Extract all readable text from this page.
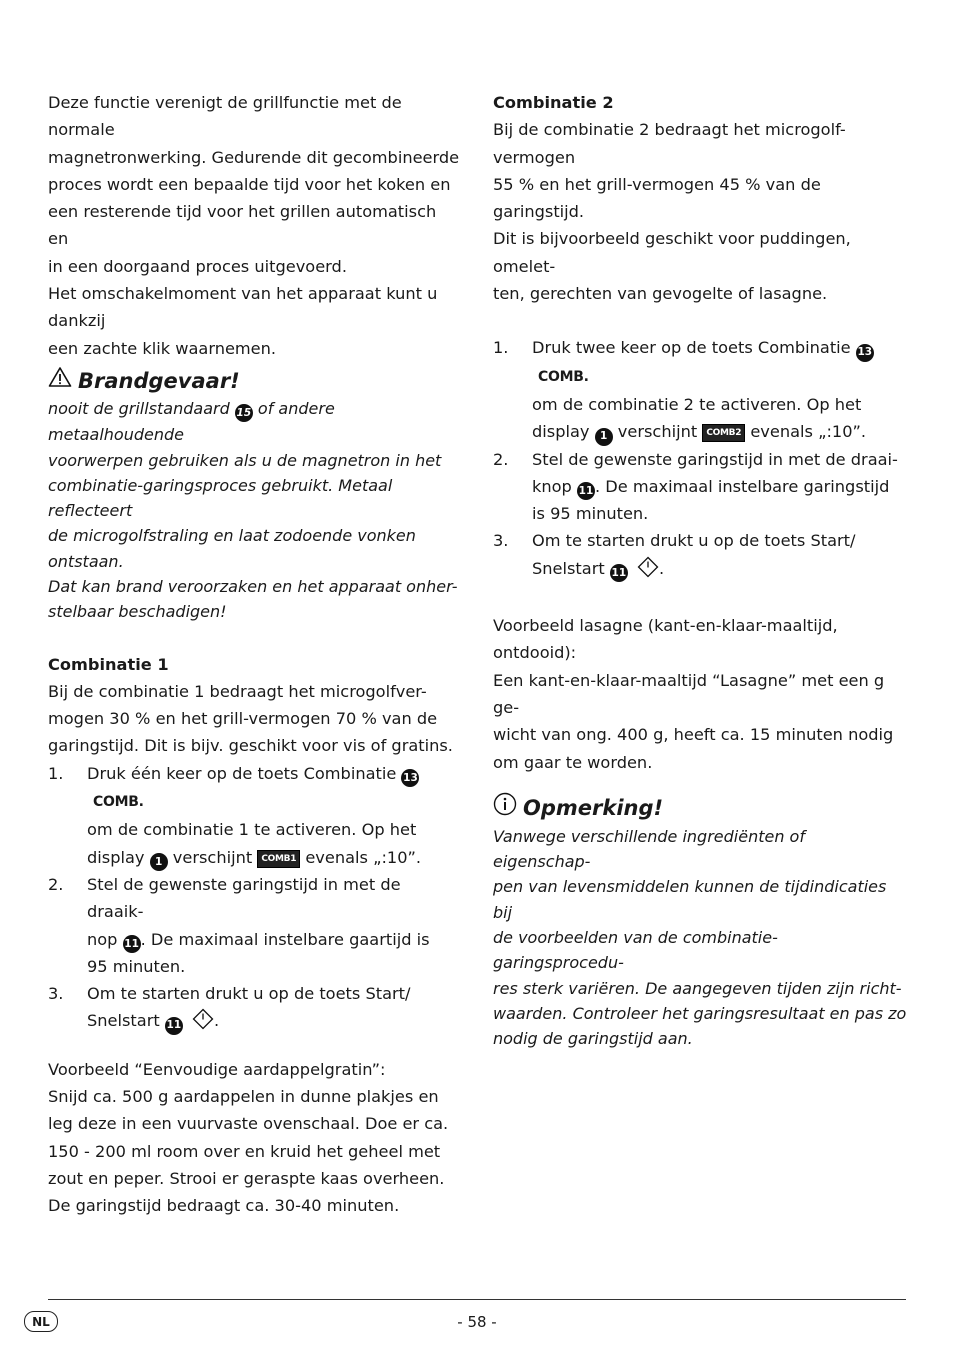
Deze functie verenigt de grillfunctie met de normale
magnetronwerking. Gedurende dit gecombineerde
proces wordt een bepaalde tijd voor het koken en
een resterende tijd voor het grillen automatisch en
in een doorgaand proces uitgevoerd.
Het omschakelmoment van het apparaat kunt u dankzij
een zachte klik waarnemen.

Brandgevaar!

nooit de grillstandaard 15 of andere metaalhoudende
voorwerpen gebruiken als u de magnetron in het
combinatie-garingsproces gebruikt. Metaal reflecteert
de microgolfstraling en laat zodoende vonken ontstaan.
Dat kan brand veroorzaken en het apparaat onher-
stelbaar beschadigen!

Combinatie 1

Bij de combinatie 1 bedraagt het microgolfver-
mogen 30 % en het grill-vermogen 70 % van de
garingstijd. Dit is bijv. geschikt voor vis of gratins.

1. Druk één keer op de toets Combinatie 13 COMB.
om de combinatie 1 te activeren. Op het
display 1 verschijnt COMB1 evenals „:10”.
2. Stel de gewenste garingstijd in met de draaik-
nop 11 . De maximaal instelbare gaartijd is
95 minuten.
3. Om te starten drukt u op de toets Start/
Snelstart 11 .

Voorbeeld “Eenvoudige aardappelgratin”:
Snijd ca. 500 g aardappelen in dunne plakjes en
leg deze in een vuurvaste ovenschaal. Doe er ca.
150 - 200 ml room over en kruid het geheel met
zout en peper. Strooi er geraspte kaas overheen.
De garingstijd bedraagt ca. 30-40 minuten.

Combinatie 2

Bij de combinatie 2 bedraagt het microgolf-vermogen
55 % en het grill-vermogen 45 % van de garingstijd.
Dit is bijvoorbeeld geschikt voor puddingen, omelet-
ten, gerechten van gevogelte of lasagne.

1. Druk twee keer op de toets Combinatie 13 COMB.
om de combinatie 2 te activeren. Op het
display 1 verschijnt COMB2 evenals „:10”.
2. Stel de gewenste garingstijd in met de draai-
knop 11 . De maximaal instelbare garingstijd
is 95 minuten.
3. Om te starten drukt u op de toets Start/
Snelstart 11 .

Voorbeeld lasagne (kant-en-klaar-maaltijd, ontdooid):
Een kant-en-klaar-maaltijd “Lasagne” met een g ge-
wicht van ong. 400 g, heeft ca. 15 minuten nodig
om gaar te worden.

Opmerking!

Vanwege verschillende ingrediënten of eigenschap-
pen van levensmiddelen kunnen de tijdindicaties bij
de voorbeelden van de combinatie-garingsprocedu-
res sterk variëren. De aangegeven tijden zijn richt-
waarden. Controleer het garingsresultaat en pas zo
nodig de garingstijd aan.

NL	- 58 -
